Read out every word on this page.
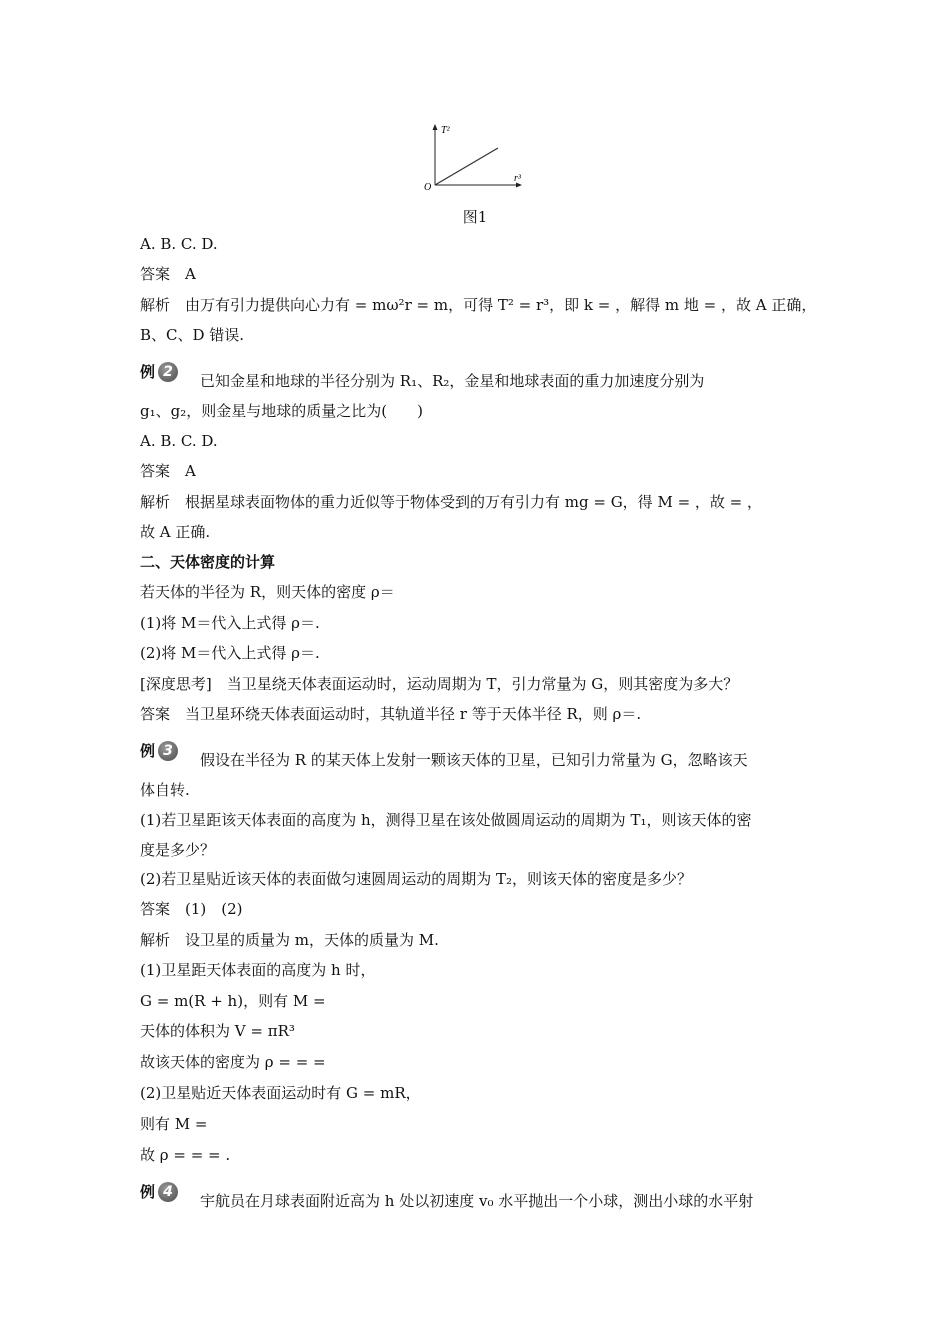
T²
r³
O
图1
A. B. C. D.
答案　A
解析　由万有引力提供向心力有 = mω²r = m，可得 T² = r³，即 k = ，解得 m 地 = ，故 A 正确，
B、C、D 错误.
例 2	已知金星和地球的半径分别为 R₁、R₂，金星和地球表面的重力加速度分别为
g₁、g₂，则金星与地球的质量之比为(　　)
A. B. C. D.
答案　A
解析　根据星球表面物体的重力近似等于物体受到的万有引力有 mg = G，得 M = ，故 = ，
故 A 正确.
二、天体密度的计算
若天体的半径为 R，则天体的密度 ρ＝
(1)将 M＝代入上式得 ρ＝.
(2)将 M＝代入上式得 ρ＝.
[深度思考]　当卫星绕天体表面运动时，运动周期为 T，引力常量为 G，则其密度为多大？
答案　当卫星环绕天体表面运动时，其轨道半径 r 等于天体半径 R，则 ρ＝.
例 3	假设在半径为 R 的某天体上发射一颗该天体的卫星，已知引力常量为 G，忽略该天
体自转.
(1)若卫星距该天体表面的高度为 h，测得卫星在该处做圆周运动的周期为 T₁，则该天体的密
度是多少？
(2)若卫星贴近该天体的表面做匀速圆周运动的周期为 T₂，则该天体的密度是多少？
答案　(1)　(2)
解析　设卫星的质量为 m，天体的质量为 M.
(1)卫星距天体表面的高度为 h 时，
G = m(R + h)，则有 M =
天体的体积为 V = πR³
故该天体的密度为 ρ = = =
(2)卫星贴近天体表面运动时有 G = mR，
则有 M =
故 ρ = = = .
例 4	宇航员在月球表面附近高为 h 处以初速度 v₀ 水平抛出一个小球，测出小球的水平射
